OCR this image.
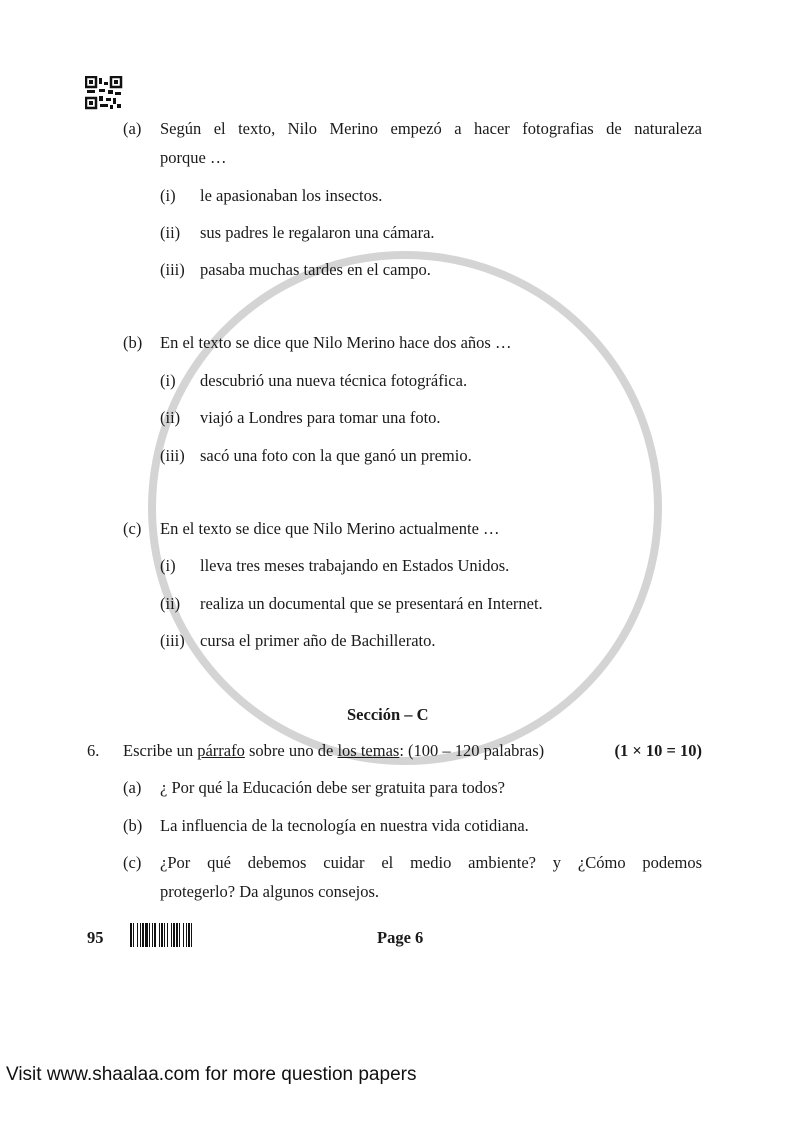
(a) Según el texto, Nilo Merino empezó a hacer fotografias de naturaleza
porque …
(i) le apasionaban los insectos.
(ii) sus padres le regalaron una cámara.
(iii) pasaba muchas tardes en el campo.
(b) En el texto se dice que Nilo Merino hace dos años …
(i) descubrió una nueva técnica fotográfica.
(ii) viajó a Londres para tomar una foto.
(iii) sacó una foto con la que ganó un premio.
(c) En el texto se dice que Nilo Merino actualmente …
(i) lleva tres meses trabajando en Estados Unidos.
(ii) realiza un documental que se presentará en Internet.
(iii) cursa el primer año de Bachillerato.
Sección – C
6. Escribe un párrafo sobre uno de los temas: (100 – 120 palabras)	(1 × 10 = 10)
(a) ¿ Por qué la Educación debe ser gratuita para todos?
(b) La influencia de la tecnología en nuestra vida cotidiana.
(c) ¿Por qué debemos cuidar el medio ambiente? y ¿Cómo podemos
protegerlo? Da algunos consejos.
95	Page 6
Visit www.shaalaa.com for more question papers
